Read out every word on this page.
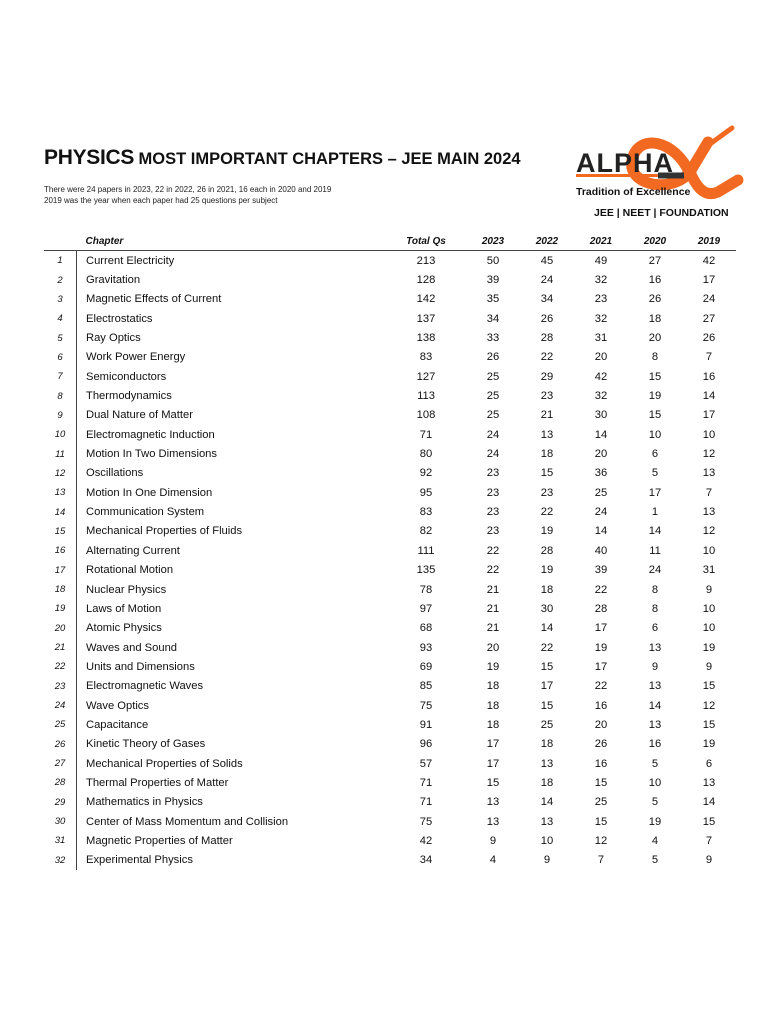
PHYSICS MOST IMPORTANT CHAPTERS – JEE MAIN 2024
There were 24 papers in 2023, 22 in 2022, 26 in 2021, 16 each in 2020 and 2019
2019 was the year when each paper had 25 questions per subject
ALPHA
Tradition of Excellence
JEE | NEET | FOUNDATION
	Chapter	Total Qs	2023	2022	2021	2020	2019
1	Current Electricity	213	50	45	49	27	42
2	Gravitation	128	39	24	32	16	17
3	Magnetic Effects of Current	142	35	34	23	26	24
4	Electrostatics	137	34	26	32	18	27
5	Ray Optics	138	33	28	31	20	26
6	Work Power Energy	83	26	22	20	8	7
7	Semiconductors	127	25	29	42	15	16
8	Thermodynamics	113	25	23	32	19	14
9	Dual Nature of Matter	108	25	21	30	15	17
10	Electromagnetic Induction	71	24	13	14	10	10
11	Motion In Two Dimensions	80	24	18	20	6	12
12	Oscillations	92	23	15	36	5	13
13	Motion In One Dimension	95	23	23	25	17	7
14	Communication System	83	23	22	24	1	13
15	Mechanical Properties of Fluids	82	23	19	14	14	12
16	Alternating Current	111	22	28	40	11	10
17	Rotational Motion	135	22	19	39	24	31
18	Nuclear Physics	78	21	18	22	8	9
19	Laws of Motion	97	21	30	28	8	10
20	Atomic Physics	68	21	14	17	6	10
21	Waves and Sound	93	20	22	19	13	19
22	Units and Dimensions	69	19	15	17	9	9
23	Electromagnetic Waves	85	18	17	22	13	15
24	Wave Optics	75	18	15	16	14	12
25	Capacitance	91	18	25	20	13	15
26	Kinetic Theory of Gases	96	17	18	26	16	19
27	Mechanical Properties of Solids	57	17	13	16	5	6
28	Thermal Properties of Matter	71	15	18	15	10	13
29	Mathematics in Physics	71	13	14	25	5	14
30	Center of Mass Momentum and Collision	75	13	13	15	19	15
31	Magnetic Properties of Matter	42	9	10	12	4	7
32	Experimental Physics	34	4	9	7	5	9
